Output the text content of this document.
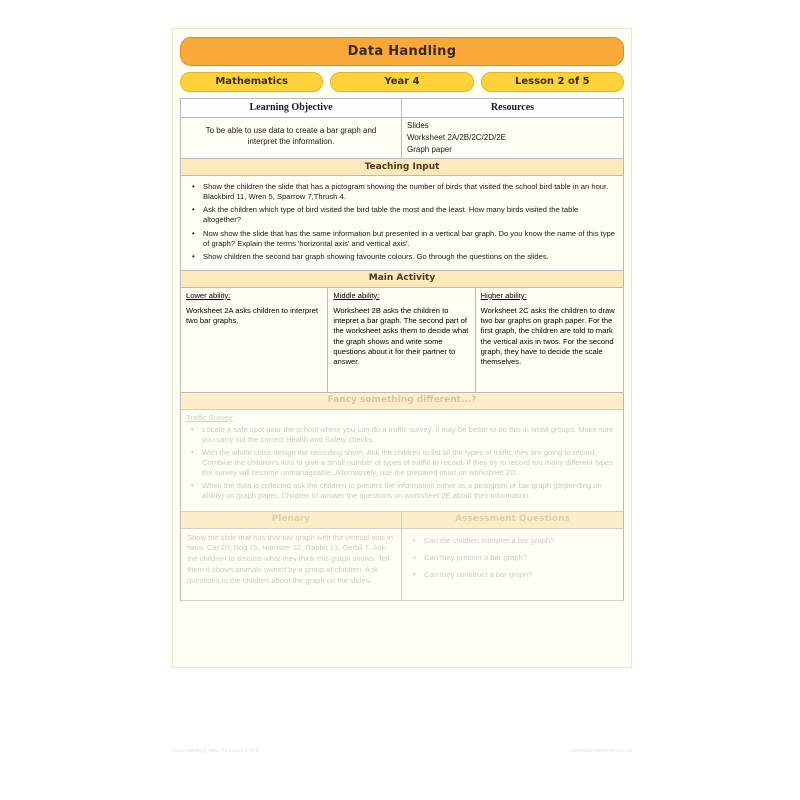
Data Handling
Mathematics	Year 4	Lesson 2 of 5
Learning Objective	Resources
To be able to use data to create a bar graph and interpret the information.
Slides
Worksheet 2A/2B/2C/2D/2E
Graph paper
Teaching Input
• Show the children the slide that has a pictogram showing the number of birds that visited the school bird table in an hour. Blackbird 11, Wren 5, Sparrow 7,Thrush 4.
• Ask the children which type of bird visited the bird table the most and the least. How many birds visited the table altogether?
• Now show the slide that has the same information but presented in a vertical bar graph. Do you know the name of this type of graph? Explain the terms 'horizontal axis' and vertical axis'.
• Show children the second bar graph showing favourite colours. Go through the questions on the slides.
Main Activity
Lower ability:
Worksheet 2A asks children to interpret two bar graphs.
Middle ability:
Worksheet 2B asks the children to intepret a bar graph. The second part of the worksheet asks them to decide what the graph shows and write some questions about it for their partner to answer.
Higher ability:
Worksheet 2C asks the children to draw two bar graphs on graph paper. For the first graph, the children are told to mark the vertical axis in twos. For the second graph, they have to decide the scale themselves.
Fancy something different...?
Traffic Survey
• Locate a safe spot near the school where you can do a traffic survey. It may be better to do this in small groups. Make sure you carry out the correct Health and Safety checks.
• With the whole class design the recording sheet. Ask the children to list all the types of traffic they are going to record. Combine the children's lists to give a small number of types of traffic to record. If they try to record too many different types the survey will become unmanageable. Alternatively, use the prepared chart on worksheet 2D.
• When the data is collected ask the children to present the information either as a pictogram or bar graph (depending on ability) on graph paper. Children to answer the questions on worksheet 2E about their information.
Plenary	Assessment Questions

Show the slide that has that bar graph with the vertical axis in twos. Cat 20, Dog 15, Hamster 12, Rabbit 13, Gerbil 7. Ask the children to discuss what they think this graph shows. Tell them it shows animals owned by a group of children. Ask questions to the children about the graph on the slides.

• Can the children interpret a bar graph?
• Can they present a bar graph?
• Can they construct a bar graph?
Data Handling Year 4 Lesson 2 of 5	www.teachitprimary.co.uk
